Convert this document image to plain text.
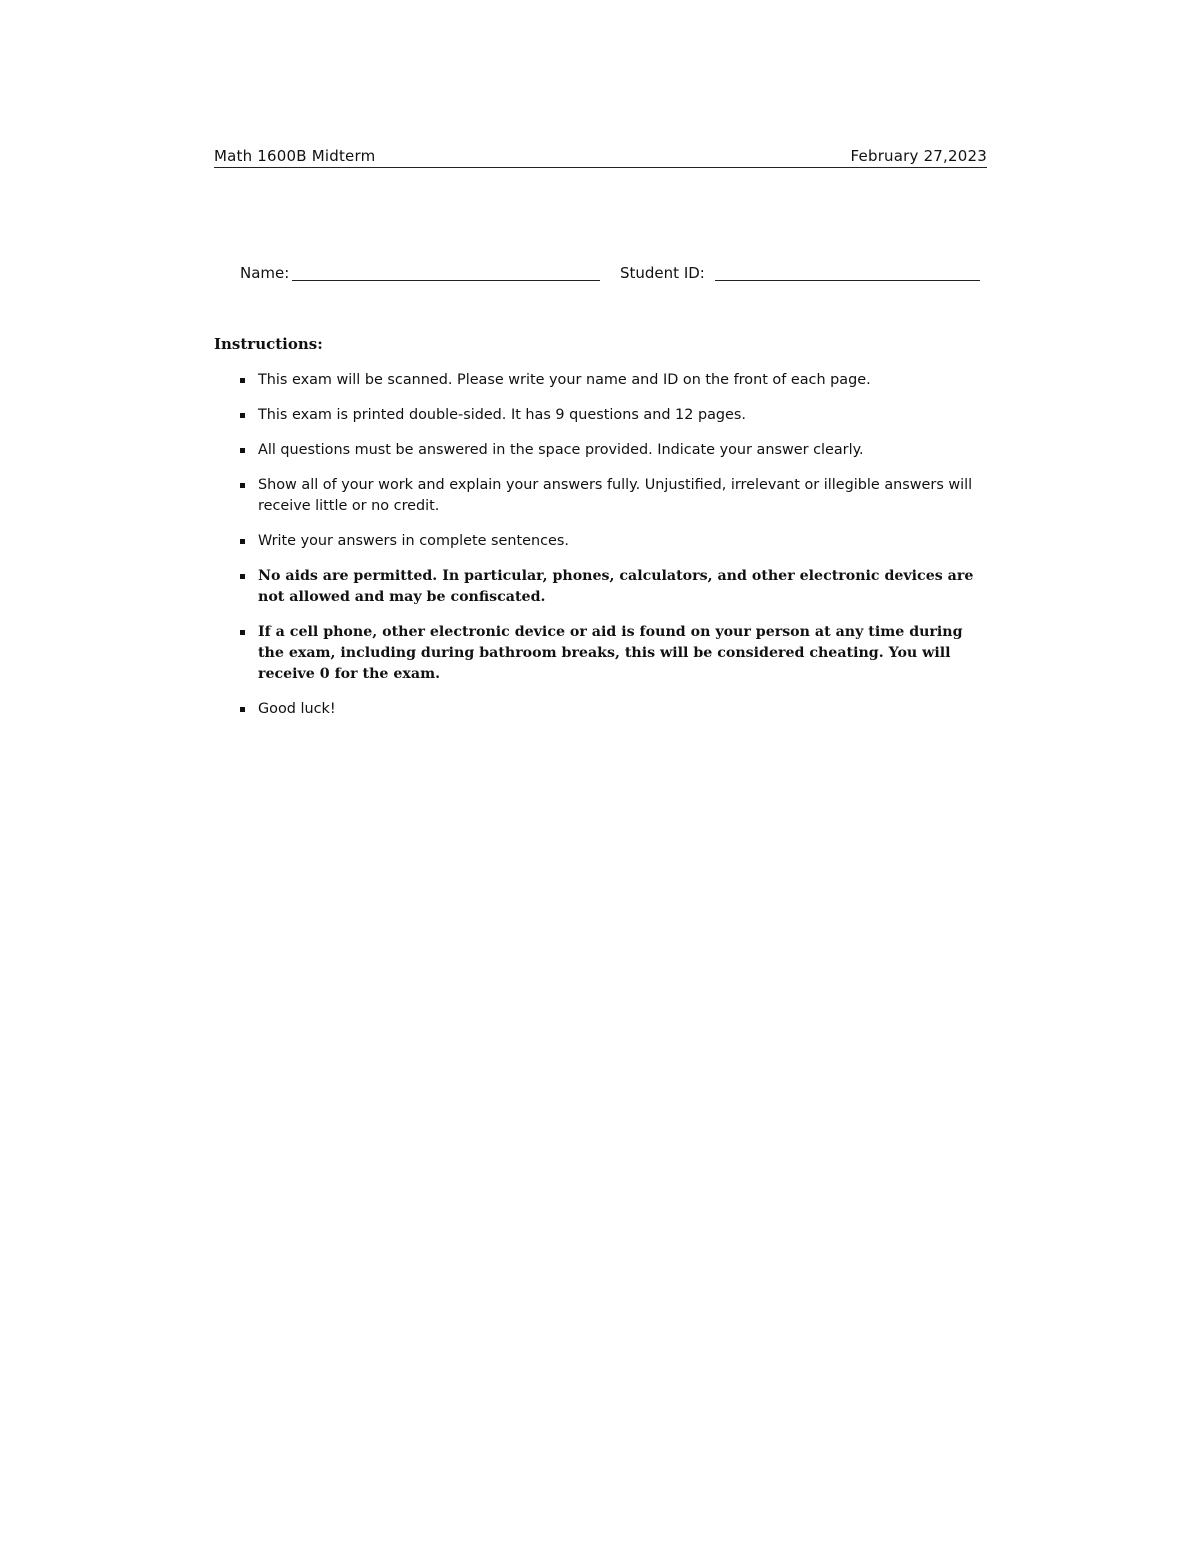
Math 1600B Midterm	February 27,2023
Name:	Student ID:
Instructions:
This exam will be scanned. Please write your name and ID on the front of each page.
This exam is printed double-sided. It has 9 questions and 12 pages.
All questions must be answered in the space provided. Indicate your answer clearly.
Show all of your work and explain your answers fully. Unjustified, irrelevant or illegible answers will receive little or no credit.
Write your answers in complete sentences.
No aids are permitted. In particular, phones, calculators, and other electronic devices are not allowed and may be confiscated.
If a cell phone, other electronic device or aid is found on your person at any time during the exam, including during bathroom breaks, this will be considered cheating. You will receive 0 for the exam.
Good luck!
